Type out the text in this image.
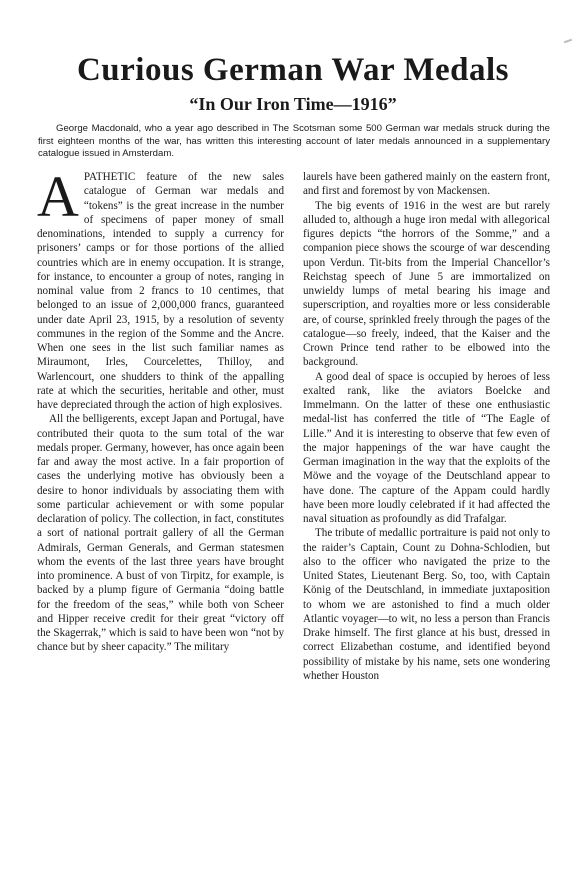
Curious German War Medals
“In Our Iron Time—1916”

George Macdonald, who a year ago described in The Scotsman some 500 German war medals struck during the first eighteen months of the war, has written this interesting account of later medals announced in a supplementary catalogue issued in Amsterdam.

APATHETIC feature of the new sales catalogue of German war medals and “tokens” is the great increase in the number of specimens of paper money of small denominations, intended to supply a currency for prisoners’ camps or for those portions of the allied countries which are in enemy occupation. It is strange, for instance, to encounter a group of notes, ranging in nominal value from 2 francs to 10 centimes, that belonged to an issue of 2,000,000 francs, guaranteed under date April 23, 1915, by a resolution of seventy communes in the region of the Somme and the Ancre. When one sees in the list such familiar names as Miraumont, Irles, Courcelettes, Thilloy, and Warlencourt, one shudders to think of the appalling rate at which the securities, heritable and other, must have depreciated through the action of high explosives.

All the belligerents, except Japan and Portugal, have contributed their quota to the sum total of the war medals proper. Germany, however, has once again been far and away the most active. In a fair proportion of cases the underlying motive has obviously been a desire to honor individuals by associating them with some particular achievement or with some popular declaration of policy. The collection, in fact, constitutes a sort of national portrait gallery of all the German Admirals, German Generals, and German statesmen whom the events of the last three years have brought into prominence. A bust of von Tirpitz, for example, is backed by a plump figure of Germania “doing battle for the freedom of the seas,” while both von Scheer and Hipper receive credit for their great “victory off the Skagerrak,” which is said to have been won “not by chance but by sheer capacity.” The military

laurels have been gathered mainly on the eastern front, and first and foremost by von Mackensen.

The big events of 1916 in the west are but rarely alluded to, although a huge iron medal with allegorical figures depicts “the horrors of the Somme,” and a companion piece shows the scourge of war descending upon Verdun. Tit-bits from the Imperial Chancellor’s Reichstag speech of June 5 are immortalized on unwieldy lumps of metal bearing his image and superscription, and royalties more or less considerable are, of course, sprinkled freely through the pages of the catalogue—so freely, indeed, that the Kaiser and the Crown Prince tend rather to be elbowed into the background.

A good deal of space is occupied by heroes of less exalted rank, like the aviators Boelcke and Immelmann. On the latter of these one enthusiastic medal-list has conferred the title of “The Eagle of Lille.” And it is interesting to observe that few even of the major happenings of the war have caught the German imagination in the way that the exploits of the Möwe and the voyage of the Deutschland appear to have done. The capture of the Appam could hardly have been more loudly celebrated if it had affected the naval situation as profoundly as did Trafalgar.

The tribute of medallic portraiture is paid not only to the raider’s Captain, Count zu Dohna-Schlodien, but also to the officer who navigated the prize to the United States, Lieutenant Berg. So, too, with Captain König of the Deutschland, in immediate juxtaposition to whom we are astonished to find a much older Atlantic voyager—to wit, no less a person than Francis Drake himself. The first glance at his bust, dressed in correct Elizabethan costume, and identified beyond possibility of mistake by his name, sets one wondering whether Houston
